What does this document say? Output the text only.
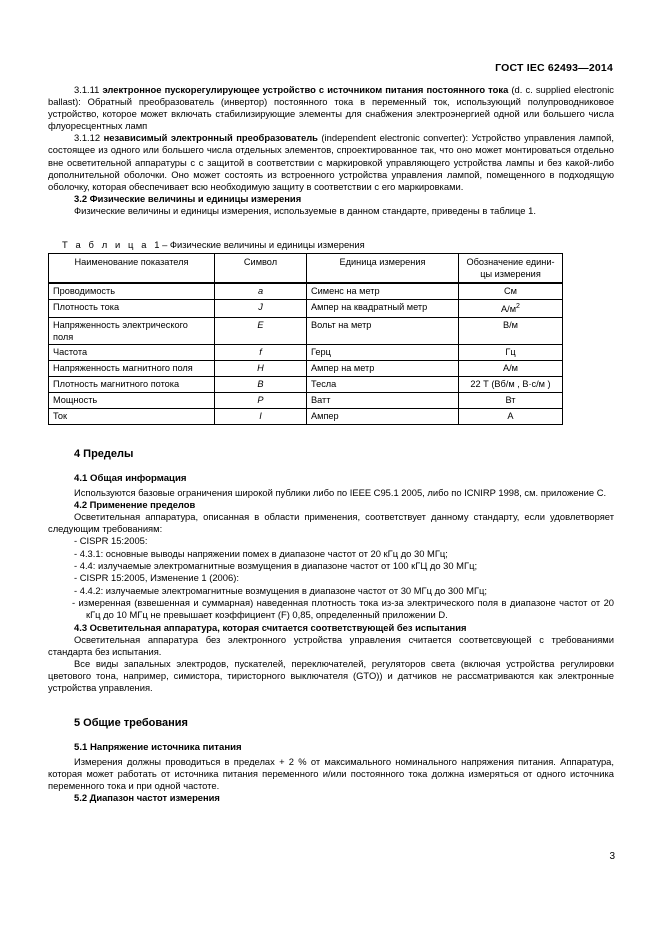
ГОСТ IEC 62493—2014

3.1.11 электронное пускорегулирующее устройство с источником питания постоянного тока (d. c. supplied electronic ballast): Обратный преобразователь (инвертор) постоянного тока в переменный ток, использующий полупроводниковое устройство, которое может включать стабилизирующие элементы для снабжения электроэнергией одной или большего числа флуоресцентных ламп

3.1.12 независимый электронный преобразователь (independent electronic converter): Устройство управления лампой, состоящее из одного или большего числа отдельных элементов, спроектированное так, что оно может монтироваться отдельно вне осветительной аппаратуры с с защитой в соответствии с маркировкой управляющего устройства лампы и без какой-либо дополнительной оболочки. Оно может состоять из встроенного устройства управления лампой, помещенного в подходящую оболочку, которая обеспечивает всю необходимую защиту в соответствии с его маркировками.

3.2 Физические величины и единицы измерения

Физические величины и единицы измерения, используемые в данном стандарте, приведены в таблице 1.

Т а б л и ц а 1 – Физические величины и единицы измерения
Наименование показателя	Символ	Единица измерения	Обозначение едини-
цы измерения
Проводимость	a	Сименс на метр	См
Плотность тока	J	Ампер на квадратный метр	$А/м^2$
Напряженность электрического поля	E	Вольт на метр	В/м
Частота	f	Герц	Гц
Напряженность магнитного поля	H	Ампер на метр	А/м
Плотность магнитного потока	B	Тесла	22 Т (Вб/м , В·с/м )
Мощность	P	Ватт	Вт
Ток	I	Ампер	А
4 Пределы
4.1 Общая информация

Используются базовые ограничения широкой публики либо по IEEE C95.1 2005, либо по ICNIRP 1998, см. приложение C.

4.2 Применение пределов

Осветительная аппаратура, описанная в области применения, соответствует данному стандарту, если удовлетворяет следующим требованиям:

- CISPR 15:2005:
- 4.3.1: основные выводы напряжении помех в диапазоне частот от 20 кГц до 30 МГц;
- 4.4: излучаемые электромагнитные возмущения в диапазоне частот от 100 кГЦ до 30 МГц;
- CISPR 15:2005, Изменение 1 (2006):
- 4.4.2: излучаемые электромагнитные возмущения в диапазоне частот от 30 МГц до 300 МГц;
- измеренная (взвешенная и суммарная) наведенная плотность тока из-за электрического поля в диапазоне частот от 20 кГц до 10 МГц не превышает коэффициент (F) 0,85, определенный приложении D.
4.3 Осветительная аппаратура, которая считается соответствующей без испытания

Осветительная аппаратура без электронного устройства управления считается соответсвующей с требованиями стандарта без испытания.

Все виды запальных электродов, пускателей, переключателей, регуляторов света (включая устройства регулировки цветового тона, например, симистора, тиристорного выключателя (GTO)) и датчиков не рассматриваются как электронные устройства управления.

5 Общие требования
5.1 Напряжение источника питания

Измерения должны проводиться в пределах + 2 % от максимального номинального напряжения питания. Аппаратура, которая может работать от источника питания переменного и/или постоянного тока должна измеряться от одного источника переменного тока и при одной частоте.

5.2 Диапазон частот измерения
3
